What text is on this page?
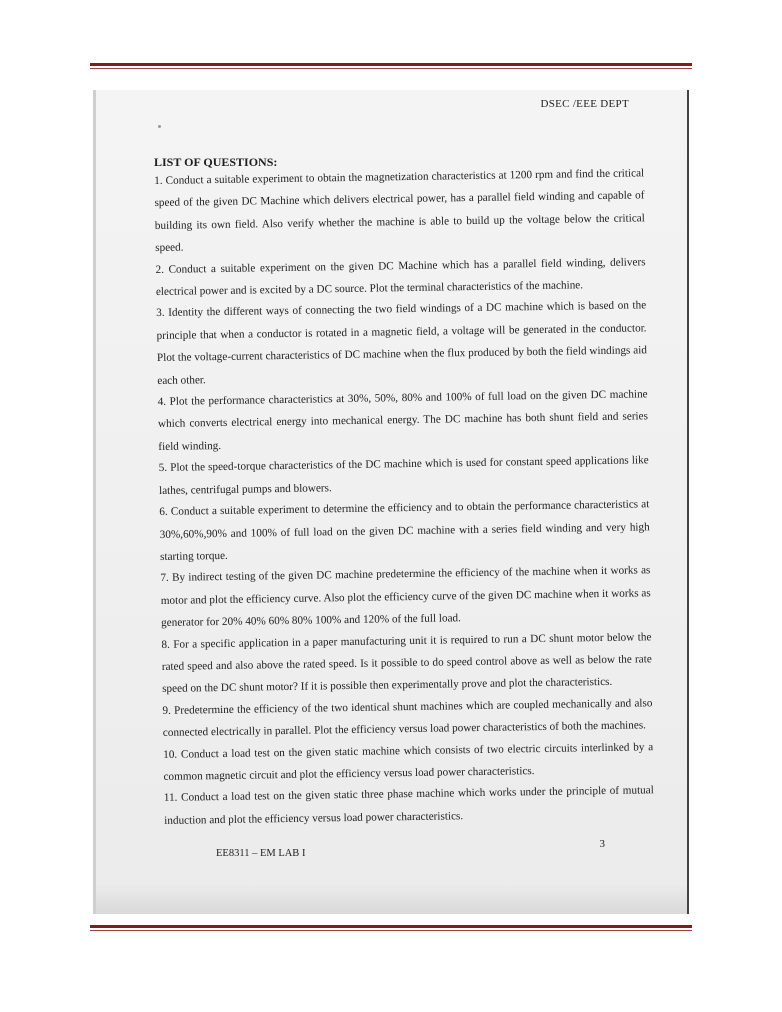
DSEC /EEE DEPT
LIST OF QUESTIONS:
1. Conduct a suitable experiment to obtain the magnetization characteristics at 1200 rpm and find the critical speed of the given DC Machine which delivers electrical power, has a parallel field winding and capable of building its own field. Also verify whether the machine is able to build up the voltage below the critical speed.
2. Conduct a suitable experiment on the given DC Machine which has a parallel field winding, delivers electrical power and is excited by a DC source. Plot the terminal characteristics of the machine.
3. Identity the different ways of connecting the two field windings of a DC machine which is based on the principle that when a conductor is rotated in a magnetic field, a voltage will be generated in the conductor. Plot the voltage-current characteristics of DC machine when the flux produced by both the field windings aid each other.
4. Plot the performance characteristics at 30%, 50%, 80% and 100% of full load on the given DC machine which converts electrical energy into mechanical energy. The DC machine has both shunt field and series field winding.
5. Plot the speed-torque characteristics of the DC machine which is used for constant speed applications like lathes, centrifugal pumps and blowers.
6. Conduct a suitable experiment to determine the efficiency and to obtain the performance characteristics at 30%,60%,90% and 100% of full load on the given DC machine with a series field winding and very high starting torque.
7. By indirect testing of the given DC machine predetermine the efficiency of the machine when it works as motor and plot the efficiency curve. Also plot the efficiency curve of the given DC machine when it works as generator for 20% 40% 60% 80% 100% and 120% of the full load.
8. For a specific application in a paper manufacturing unit it is required to run a DC shunt motor below the rated speed and also above the rated speed. Is it possible to do speed control above as well as below the rate speed on the DC shunt motor? If it is possible then experimentally prove and plot the characteristics.
9. Predetermine the efficiency of the two identical shunt machines which are coupled mechanically and also connected electrically in parallel. Plot the efficiency versus load power characteristics of both the machines.
10. Conduct a load test on the given static machine which consists of two electric circuits interlinked by a common magnetic circuit and plot the efficiency versus load power characteristics.
11. Conduct a load test on the given static three phase machine which works under the principle of mutual induction and plot the efficiency versus load power characteristics.
3
EE8311 – EM LAB I
